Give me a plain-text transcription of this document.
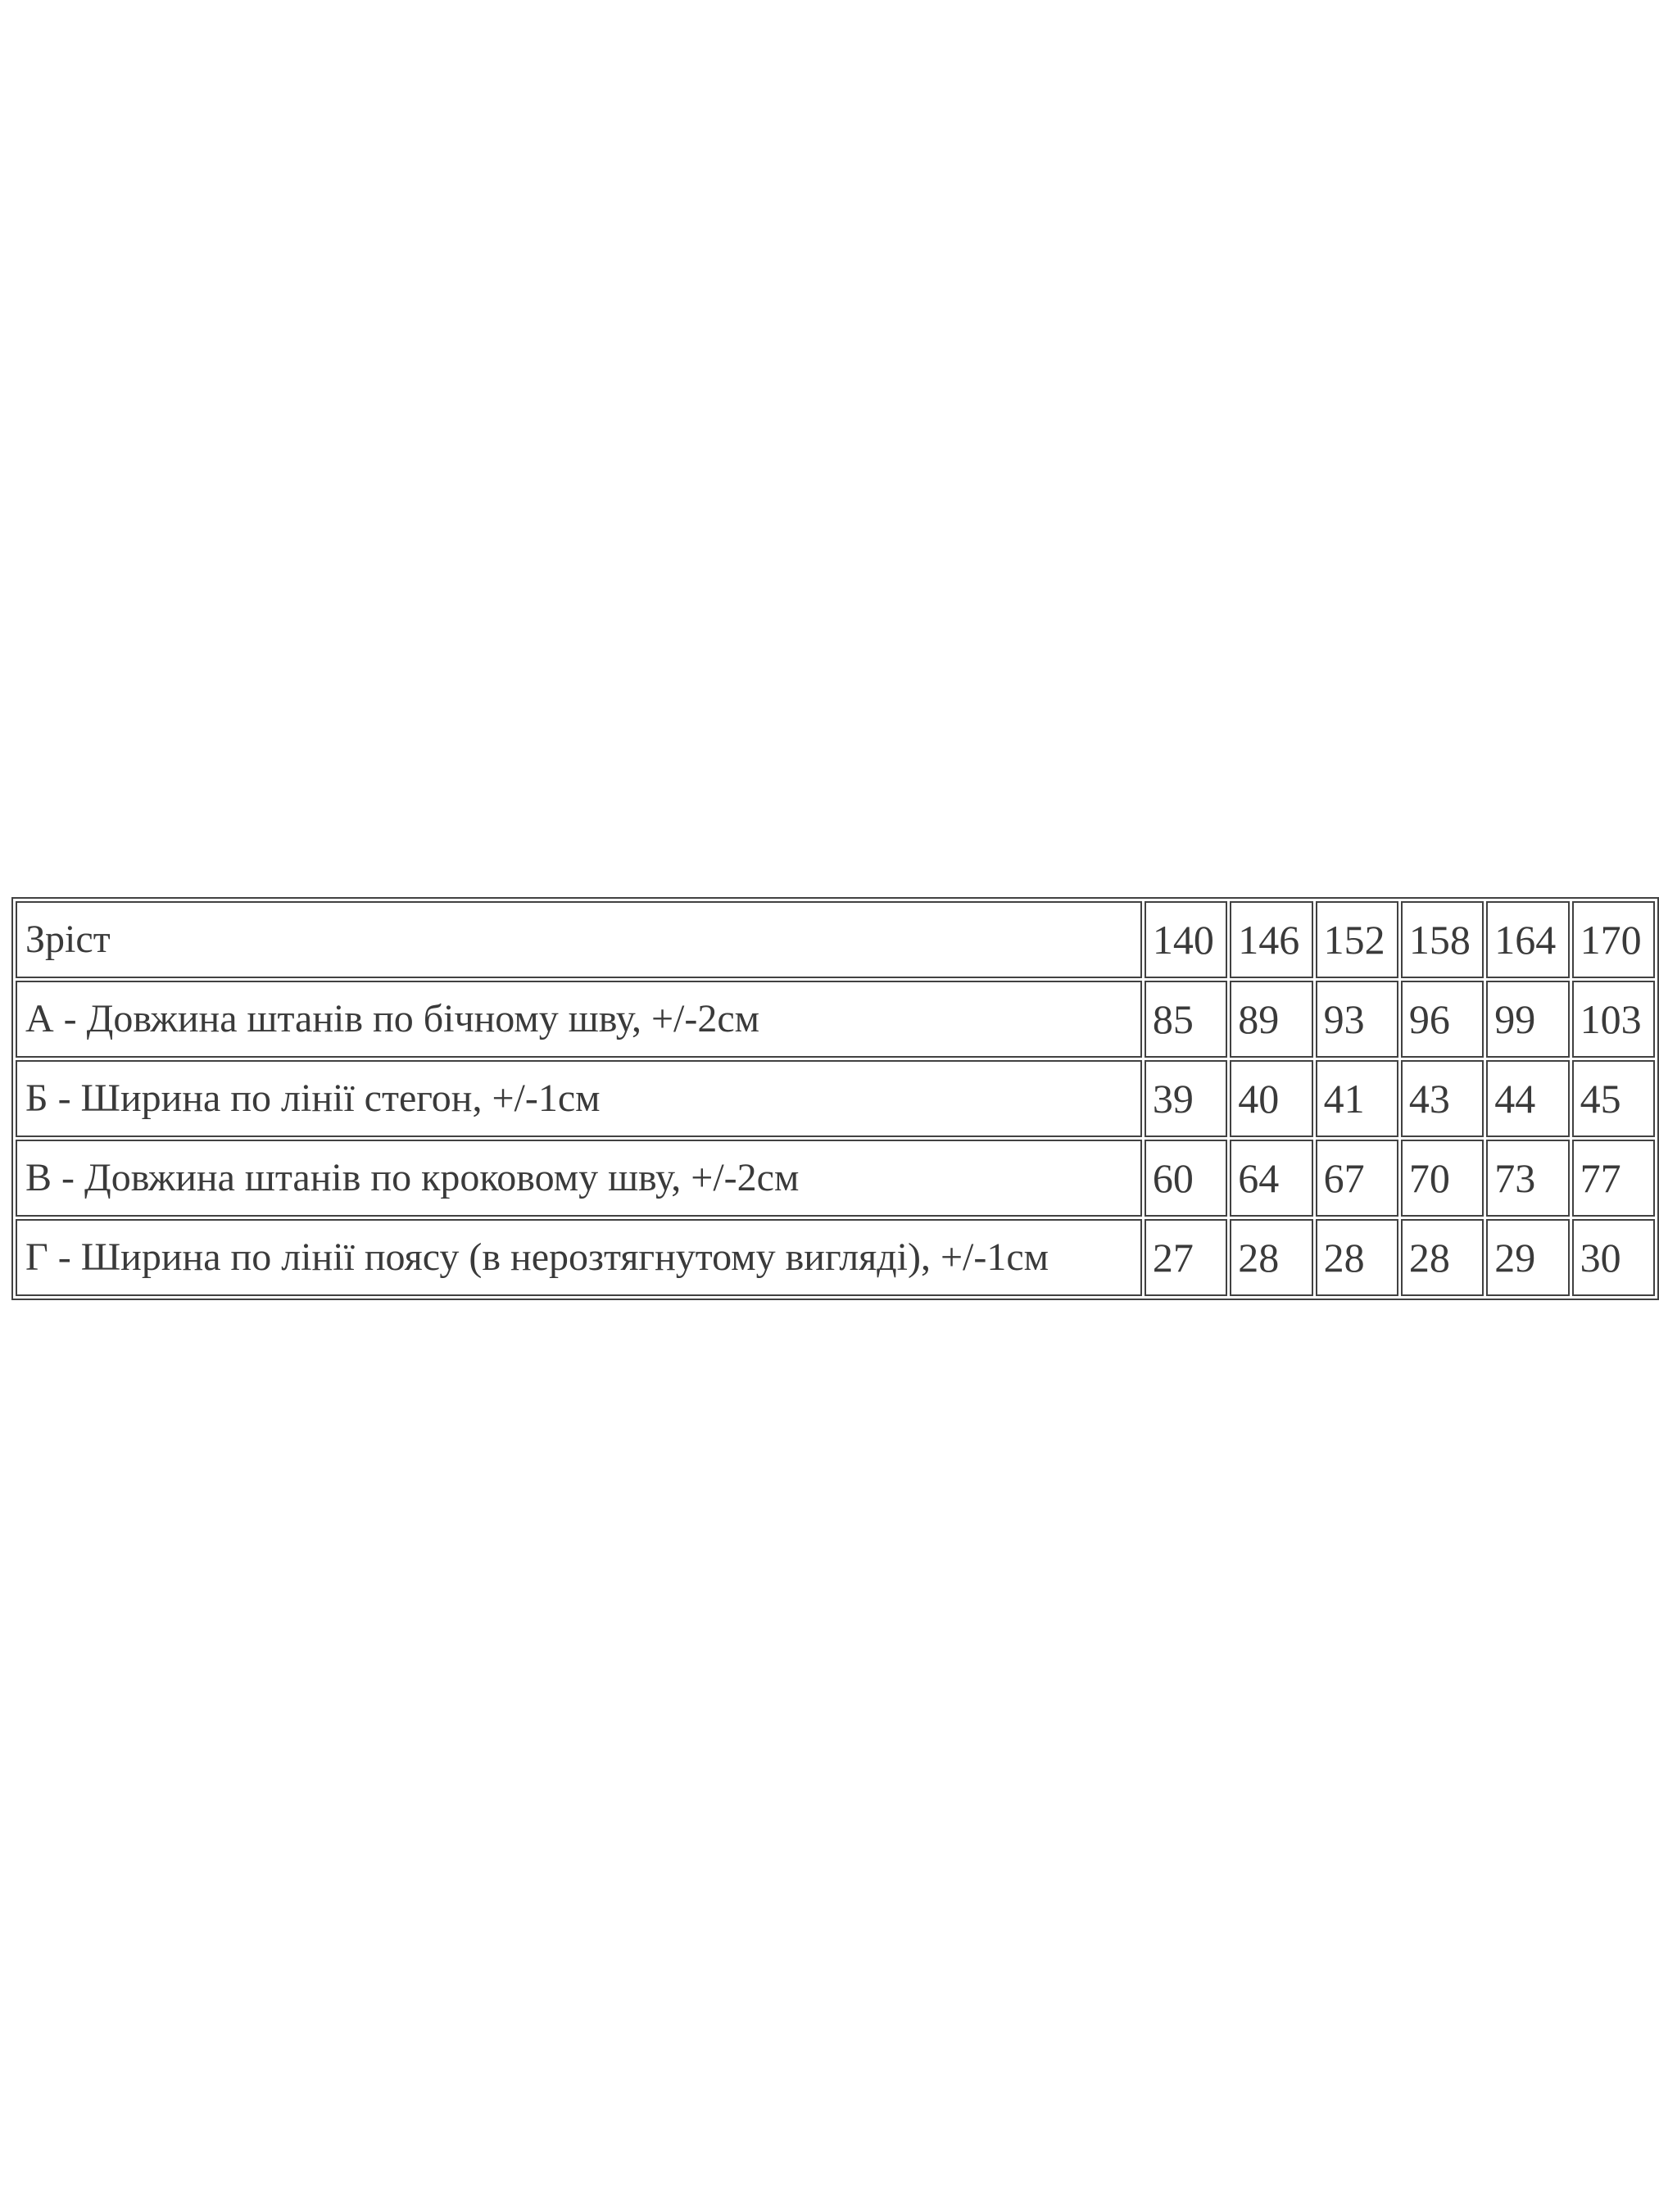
Зріст	140	146	152	158	164	170
А - Довжина штанів по бічному шву, +/-2см	85	89	93	96	99	103
Б - Ширина по лінії стегон, +/-1см	39	40	41	43	44	45
В - Довжина штанів по кроковому шву, +/-2см	60	64	67	70	73	77
Г - Ширина по лінії поясу (в нерозтягнутому вигляді), +/-1см	27	28	28	28	29	30
